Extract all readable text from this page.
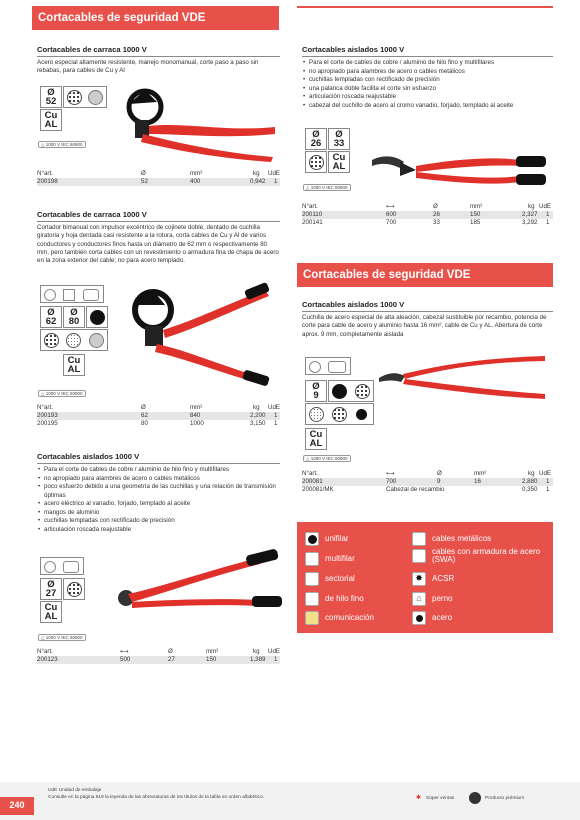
Cortacables de seguridad VDE
Cortacables de carraca 1000 V
Acero especial altamente resistente, manejo monomanual, corte paso a paso sin rebabas, para cables de Cu y Al
Ø
52
Cu
AL
△ 1000 V IEC 60900
N°art.	Ø	mm²	kg UdE
200198	52	400	0,942 1
Cortacables de carraca 1000 V
Cortador bimanual con impulsor excéntrico de cojinete doble, dentado de cuchilla giratoria y hoja dentada casi resistente a la rotura, corta cables de Cu y Al de varios conductores y conductores finos hasta un diámetro de 62 mm o respectivamente 80 mm, pero también corta cables con un revestimiento o armadura fina de chapa de acero en la zona exterior del cable; no para acero templado.
Ø
62
Ø
80
Cu
AL
△ 1000 V IEC 60900
N°art.	Ø	mm²	kg UdE
200193	62	840	2,200 1
200195	80	1000	3,150 1
Cortacables aislados 1000 V
• Para el corte de cables de cobre / aluminio de hilo fino y multifilares
• no apropiado para alambres de acero o cables metálicos
• poco esfuerzo debido a una geometría de las cuchillas y una relación de transmisión óptimas
• acero eléctrico al vanadio, forjado, templado al aceite
• mangos de aluminio
• cuchillas templadas con rectificado de precisión
• articulación roscada reajustable
Ø
27
Cu
AL
△ 1000 V IEC 60900
N°art.	⟷	Ø	mm²	kg UdE
200123	500	27	150	1,389 1
Cortacables aislados 1000 V
• Para el corte de cables de cobre / aluminio de hilo fino y multifilares
• no apropiado para alambres de acero o cables metálicos
• cuchillas templadas con rectificado de precisión
• una palanca doble facilita el corte sin esfuerzo
• articulación roscada reajustable
• cabezal del cuchillo de acero al cromo vanadio, forjado, templado al aceite
Ø
26
Ø
33
Cu
AL
△ 1000 V IEC 60900
N°art.	⟷	Ø	mm²	kg UdE
200110	600	26	150	2,327 1
200141	700	33	185	3,292 1
Cortacables de seguridad VDE
Cortacables aislados 1000 V
Cuchilla de acero especial de alta aleación, cabezal sustituible por recambio, potencia de corte para cable de acero y aluminio hasta 16 mm², cable de Cu y AL. Abertura de corte aprox. 9 mm, completamente aislada
Ø
9
Cu
AL
△ 1000 V IEC 60900
N°art.	⟷	Ø	mm²	kg UdE
200081	700	9	16	2,880 1
200081/MK	Cabezal de recambio	0,350 1
unifilar
multifilar
sectorial
de hilo fino
comunicación
cables metálicos
cables con armadura de acero (SWA)
✸	ACSR
⌂	perno
acero
UdE Unidad de embalaje
Consulte en la página 618 la leyenda de las abreviaturas de los títulos de la tabla en orden alfabético.	✱ Súper ventas	Producto prémium
240
